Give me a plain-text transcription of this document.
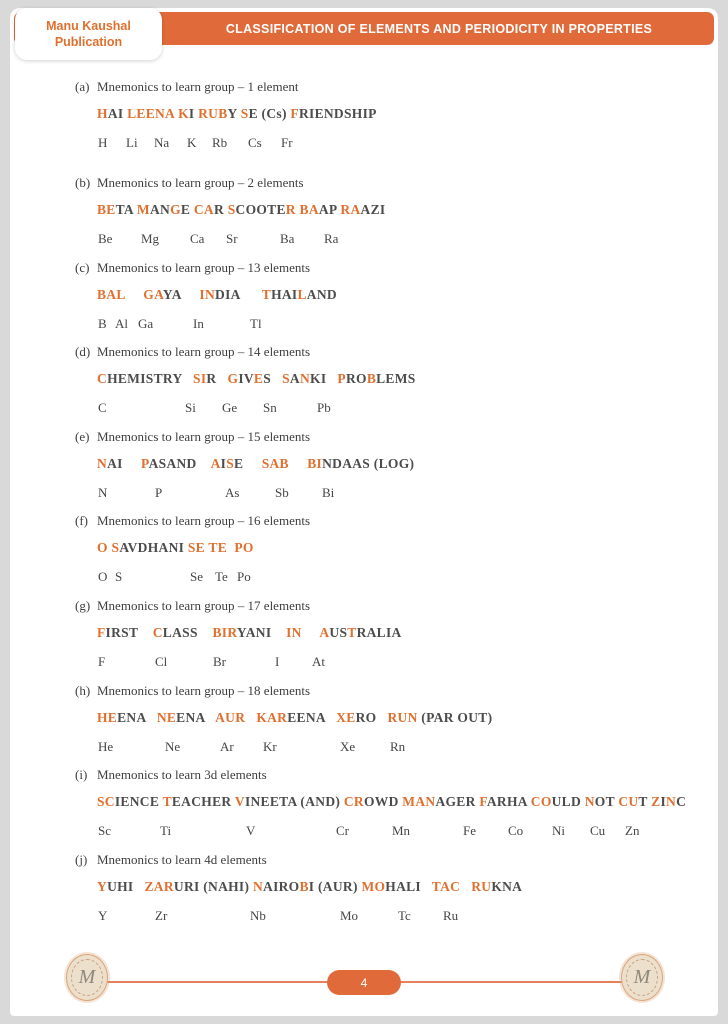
CLASSIFICATION OF ELEMENTS AND PERIODICITY IN PROPERTIES
Manu Kaushal
Publication
(a) Mnemonics to learn group – 1 element
HAI LEENA KI RUBY SE (Cs) FRIENDSHIP
H Li Na K Rb Cs Fr
(b) Mnemonics to learn group – 2 elements
BETA MANGE CAR SCOOTER BAAP RAAZI
Be Mg Ca Sr	Ba Ra
(c) Mnemonics to learn group – 13 elements
BAL GAYA INDIA THAILAND
B Al Ga	In	Tl
(d) Mnemonics to learn group – 14 elements
CHEMISTRY SIR GIVES SANKI PROBLEMS
C	Si Ge Sn	Pb
(e) Mnemonics to learn group – 15 elements
NAI PASAND AISE SAB BINDAAS (LOG)
N	P	As	Sb	Bi
(f) Mnemonics to learn group – 16 elements
O SAVDHANI SE TE PO
O S	Se Te Po
(g) Mnemonics to learn group – 17 elements
FIRST CLASS BIRYANI IN AUSTRALIA
F	Cl	Br	I	At
(h) Mnemonics to learn group – 18 elements
HEENA NEENA AUR KAREENA XERO RUN (PAR OUT)
He	Ne	Ar Kr	Xe	Rn
(i) Mnemonics to learn 3d elements
SCIENCE TEACHER VINEETA (AND) CROWD MANAGER FARHA COULD NOT CUT ZINC
Sc	Ti	V	Cr	Mn	Fe Co Ni Cu Zn
(j) Mnemonics to learn 4d elements
YUHI ZARURI (NAHI) NAIROBI (AUR) MOHALI TAC RUKNA
Y	Zr	Nb	Mo	Tc Ru
M	M
4
